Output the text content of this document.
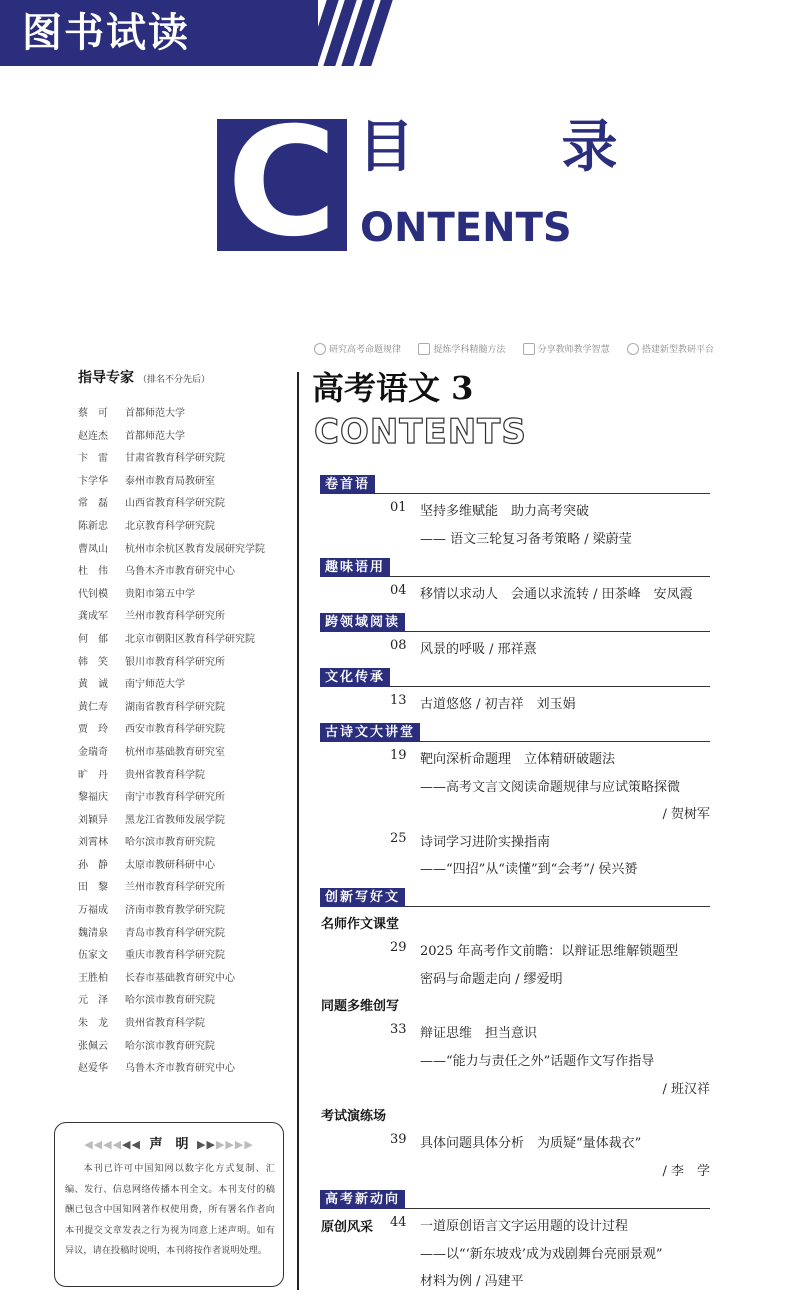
图书试读
C 目 录
ONTENTS
研究高考命题规律	提炼学科精髓方法	分享教师教学智慧	搭建新型教研平台
指导专家 （排名不分先后）
蔡　可	首都师范大学
赵连杰	首都师范大学
卞　雷	甘肃省教育科学研究院
卞学华	泰州市教育局教研室
常　磊	山西省教育科学研究院
陈新忠	北京教育科学研究院
曹凤山	杭州市余杭区教育发展研究学院
杜　伟	乌鲁木齐市教育研究中心
代钊模	贵阳市第五中学
龚成军	兰州市教育科学研究所
何　郁	北京市朝阳区教育科学研究院
韩　笑	银川市教育科学研究所
黄　诚	南宁师范大学
黄仁寿	湖南省教育科学研究院
贾　玲	西安市教育科学研究院
金瑞奇	杭州市基础教育研究室
旷　丹	贵州省教育科学院
黎福庆	南宁市教育科学研究所
刘颖异	黑龙江省教师发展学院
刘霄林	哈尔滨市教育研究院
孙　静	太原市教研科研中心
田　黎	兰州市教育科学研究所
万福成	济南市教育教学研究院
魏清泉	青岛市教育科学研究院
伍家文	重庆市教育科学研究院
王胜柏	长春市基础教育研究中心
元　泽	哈尔滨市教育研究院
朱　龙	贵州省教育科学院
张佩云	哈尔滨市教育研究院
赵爱华	乌鲁木齐市教育研究中心
◀◀◀◀◀◀ 声　明 ▶▶▶▶▶▶
本刊已许可中国知网以数字化方式复制、汇编、发行、信息网络传播本刊全文。本刊支付的稿酬已包含中国知网著作权使用费，所有署名作者向本刊提交文章发表之行为视为同意上述声明。如有异议，请在投稿时说明，本刊将按作者说明处理。
高考语文 3
CONTENTS
卷首语
01 坚持多维赋能　助力高考突破
—— 语文三轮复习备考策略 / 梁蔚莹
趣味语用
04 移情以求动人　会通以求流转 / 田茶峰　安凤霞
跨领域阅读
08 风景的呼吸 / 邢祥熹
文化传承
13 古道悠悠 / 初吉祥　刘玉娟
古诗文大讲堂
19 靶向深析命题理　立体精研破题法
——高考文言文阅读命题规律与应试策略探微
/ 贺树军
25 诗词学习进阶实操指南
——“四招”从“读懂”到“会考”/ 侯兴赟
创新写好文
名师作文课堂
29 2025 年高考作文前瞻：以辩证思维解锁题型
密码与命题走向 / 缪爱明
同题多维创写
33 辩证思维　担当意识
——“能力与责任之外”话题作文写作指导
/ 班汉祥
考试演练场
39 具体问题具体分析　为质疑“量体裁衣”
/ 李　学
高考新动向
原创风采 44 一道原创语言文字运用题的设计过程
——以“‘新东坡戏’成为戏剧舞台亮丽景观”
材料为例 / 冯建平
